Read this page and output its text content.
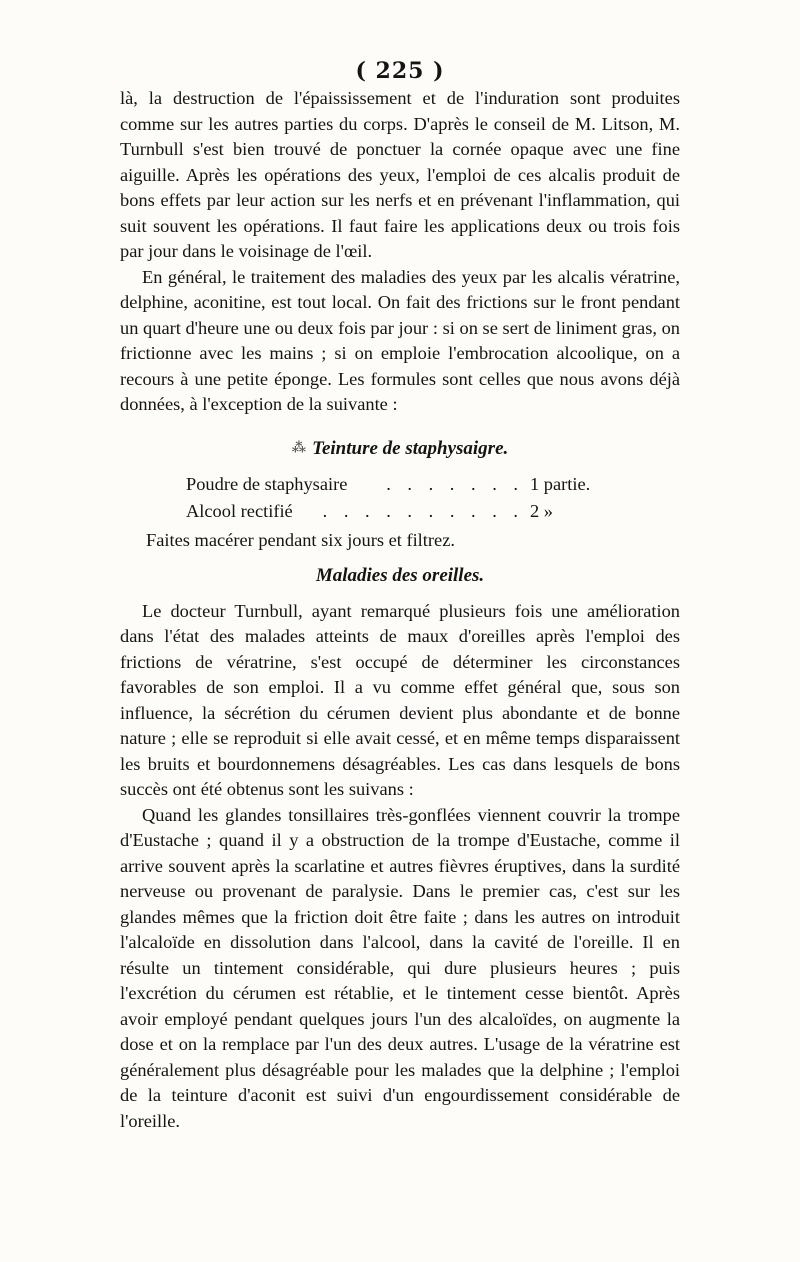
( 225 )

là, la destruction de l'épaississement et de l'induration sont produites comme sur les autres parties du corps. D'après le conseil de M. Litson, M. Turnbull s'est bien trouvé de ponctuer la cornée opaque avec une fine aiguille. Après les opérations des yeux, l'emploi de ces alcalis produit de bons effets par leur action sur les nerfs et en prévenant l'inflammation, qui suit souvent les opérations. Il faut faire les applications deux ou trois fois par jour dans le voisinage de l'œil.

En général, le traitement des maladies des yeux par les alcalis vératrine, delphine, aconitine, est tout local. On fait des frictions sur le front pendant un quart d'heure une ou deux fois par jour : si on se sert de liniment gras, on frictionne avec les mains ; si on emploie l'embrocation alcoolique, on a recours à une petite éponge. Les formules sont celles que nous avons déjà données, à l'exception de la suivante :

⁂ Teinture de staphysaigre.

Poudre de staphysaire	. . . . . . . 1 partie.
Alcool rectifié	. . . . . . . . . . 2 »

Faites macérer pendant six jours et filtrez.

Maladies des oreilles.

Le docteur Turnbull, ayant remarqué plusieurs fois une amélioration dans l'état des malades atteints de maux d'oreilles après l'emploi des frictions de vératrine, s'est occupé de déterminer les circonstances favorables de son emploi. Il a vu comme effet général que, sous son influence, la sécrétion du cérumen devient plus abondante et de bonne nature ; elle se reproduit si elle avait cessé, et en même temps disparaissent les bruits et bourdonnemens désagréables. Les cas dans lesquels de bons succès ont été obtenus sont les suivans :

Quand les glandes tonsillaires très-gonflées viennent couvrir la trompe d'Eustache ; quand il y a obstruction de la trompe d'Eustache, comme il arrive souvent après la scarlatine et autres fièvres éruptives, dans la surdité nerveuse ou provenant de paralysie. Dans le premier cas, c'est sur les glandes mêmes que la friction doit être faite ; dans les autres on introduit l'alcaloïde en dissolution dans l'alcool, dans la cavité de l'oreille. Il en résulte un tintement considérable, qui dure plusieurs heures ; puis l'excrétion du cérumen est rétablie, et le tintement cesse bientôt. Après avoir employé pendant quelques jours l'un des alcaloïdes, on augmente la dose et on la remplace par l'un des deux autres. L'usage de la vératrine est généralement plus désagréable pour les malades que la delphine ; l'emploi de la teinture d'aconit est suivi d'un engourdissement considérable de l'oreille.
